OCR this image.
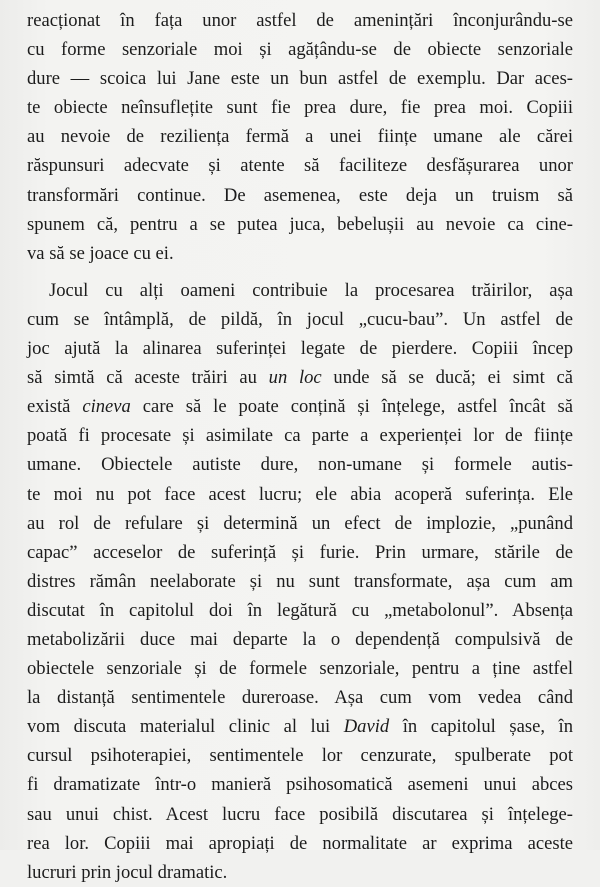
reacționat în fața unor astfel de amenințări înconjurându-se
cu forme senzoriale moi și agățându-se de obiecte senzoriale
dure — scoica lui Jane este un bun astfel de exemplu. Dar aces-
te obiecte neînsuflețite sunt fie prea dure, fie prea moi. Copiii
au nevoie de reziliența fermă a unei ființe umane ale cărei
răspunsuri adecvate și atente să faciliteze desfășurarea unor
transformări continue. De asemenea, este deja un truism să
spunem că, pentru a se putea juca, bebelușii au nevoie ca cine-
va să se joace cu ei.

Jocul cu alți oameni contribuie la procesarea trăirilor, așa
cum se întâmplă, de pildă, în jocul „cucu-bau”. Un astfel de
joc ajută la alinarea suferinței legate de pierdere. Copiii încep
să simtă că aceste trăiri au un loc unde să se ducă; ei simt că
există cineva care să le poate conțină și înțelege, astfel încât să
poată fi procesate și asimilate ca parte a experienței lor de ființe
umane. Obiectele autiste dure, non-umane și formele autis-
te moi nu pot face acest lucru; ele abia acoperă suferința. Ele
au rol de refulare și determină un efect de implozie, „punând
capac” acceselor de suferință și furie. Prin urmare, stările de
distres rămân neelaborate și nu sunt transformate, așa cum am
discutat în capitolul doi în legătură cu „metabolonul”. Absența
metabolizării duce mai departe la o dependență compulsivă de
obiectele senzoriale și de formele senzoriale, pentru a ține astfel
la distanță sentimentele dureroase. Așa cum vom vedea când
vom discuta materialul clinic al lui David în capitolul șase, în
cursul psihoterapiei, sentimentele lor cenzurate, spulberate pot
fi dramatizate într-o manieră psihosomatică asemeni unui abces
sau unui chist. Acest lucru face posibilă discutarea și înțelege-
rea lor. Copiii mai apropiați de normalitate ar exprima aceste
lucruri prin jocul dramatic.
